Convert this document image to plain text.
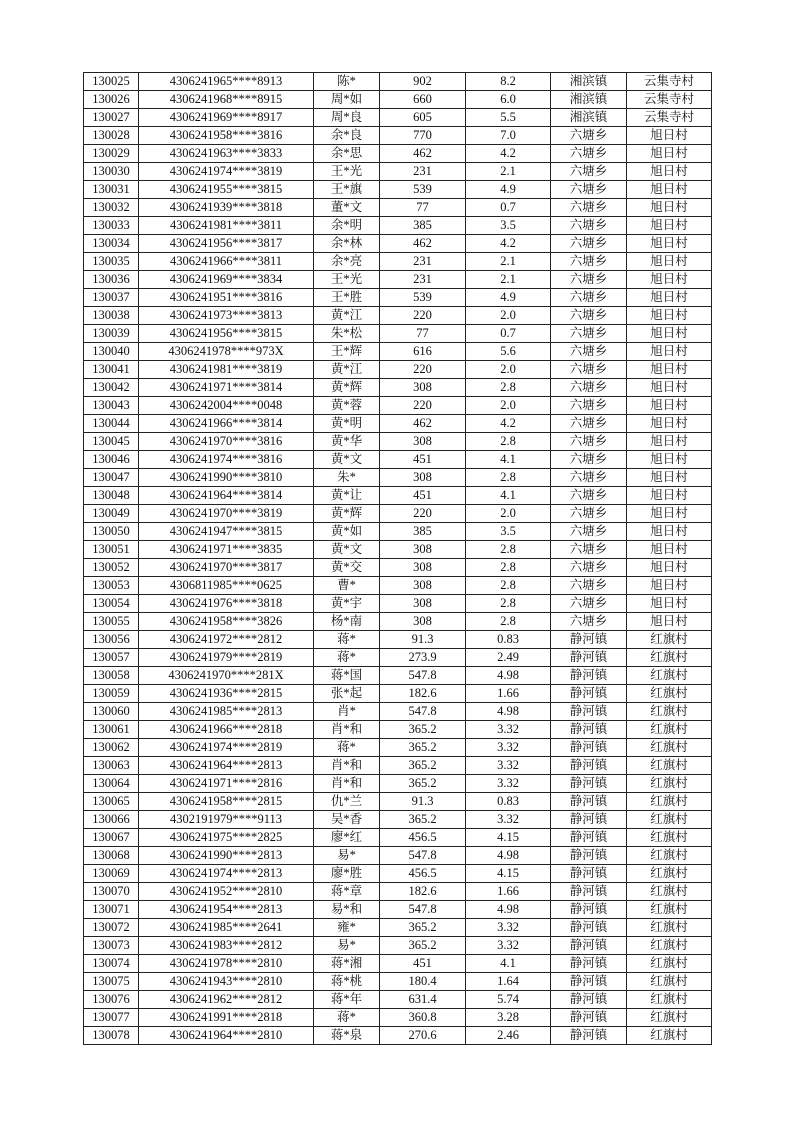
130025	4306241965****8913	陈*	902	8.2	湘滨镇	云集寺村
130026	4306241968****8915	周*如	660	6.0	湘滨镇	云集寺村
130027	4306241969****8917	周*良	605	5.5	湘滨镇	云集寺村
130028	4306241958****3816	余*良	770	7.0	六塘乡	旭日村
130029	4306241963****3833	余*思	462	4.2	六塘乡	旭日村
130030	4306241974****3819	王*光	231	2.1	六塘乡	旭日村
130031	4306241955****3815	王*旗	539	4.9	六塘乡	旭日村
130032	4306241939****3818	董*文	77	0.7	六塘乡	旭日村
130033	4306241981****3811	余*明	385	3.5	六塘乡	旭日村
130034	4306241956****3817	余*林	462	4.2	六塘乡	旭日村
130035	4306241966****3811	余*亮	231	2.1	六塘乡	旭日村
130036	4306241969****3834	王*光	231	2.1	六塘乡	旭日村
130037	4306241951****3816	王*胜	539	4.9	六塘乡	旭日村
130038	4306241973****3813	黄*江	220	2.0	六塘乡	旭日村
130039	4306241956****3815	朱*松	77	0.7	六塘乡	旭日村
130040	4306241978****973X	王*辉	616	5.6	六塘乡	旭日村
130041	4306241981****3819	黄*江	220	2.0	六塘乡	旭日村
130042	4306241971****3814	黄*辉	308	2.8	六塘乡	旭日村
130043	4306242004****0048	黄*蓉	220	2.0	六塘乡	旭日村
130044	4306241966****3814	黄*明	462	4.2	六塘乡	旭日村
130045	4306241970****3816	黄*华	308	2.8	六塘乡	旭日村
130046	4306241974****3816	黄*文	451	4.1	六塘乡	旭日村
130047	4306241990****3810	朱*	308	2.8	六塘乡	旭日村
130048	4306241964****3814	黄*让	451	4.1	六塘乡	旭日村
130049	4306241970****3819	黄*辉	220	2.0	六塘乡	旭日村
130050	4306241947****3815	黄*如	385	3.5	六塘乡	旭日村
130051	4306241971****3835	黄*文	308	2.8	六塘乡	旭日村
130052	4306241970****3817	黄*交	308	2.8	六塘乡	旭日村
130053	4306811985****0625	曹*	308	2.8	六塘乡	旭日村
130054	4306241976****3818	黄*宇	308	2.8	六塘乡	旭日村
130055	4306241958****3826	杨*南	308	2.8	六塘乡	旭日村
130056	4306241972****2812	蒋*	91.3	0.83	静河镇	红旗村
130057	4306241979****2819	蒋*	273.9	2.49	静河镇	红旗村
130058	4306241970****281X	蒋*国	547.8	4.98	静河镇	红旗村
130059	4306241936****2815	张*起	182.6	1.66	静河镇	红旗村
130060	4306241985****2813	肖*	547.8	4.98	静河镇	红旗村
130061	4306241966****2818	肖*和	365.2	3.32	静河镇	红旗村
130062	4306241974****2819	蒋*	365.2	3.32	静河镇	红旗村
130063	4306241964****2813	肖*和	365.2	3.32	静河镇	红旗村
130064	4306241971****2816	肖*和	365.2	3.32	静河镇	红旗村
130065	4306241958****2815	仇*兰	91.3	0.83	静河镇	红旗村
130066	4302191979****9113	吴*香	365.2	3.32	静河镇	红旗村
130067	4306241975****2825	廖*红	456.5	4.15	静河镇	红旗村
130068	4306241990****2813	易*	547.8	4.98	静河镇	红旗村
130069	4306241974****2813	廖*胜	456.5	4.15	静河镇	红旗村
130070	4306241952****2810	蒋*章	182.6	1.66	静河镇	红旗村
130071	4306241954****2813	易*和	547.8	4.98	静河镇	红旗村
130072	4306241985****2641	雍*	365.2	3.32	静河镇	红旗村
130073	4306241983****2812	易*	365.2	3.32	静河镇	红旗村
130074	4306241978****2810	蒋*湘	451	4.1	静河镇	红旗村
130075	4306241943****2810	蒋*桃	180.4	1.64	静河镇	红旗村
130076	4306241962****2812	蒋*年	631.4	5.74	静河镇	红旗村
130077	4306241991****2818	蒋*	360.8	3.28	静河镇	红旗村
130078	4306241964****2810	蒋*泉	270.6	2.46	静河镇	红旗村
